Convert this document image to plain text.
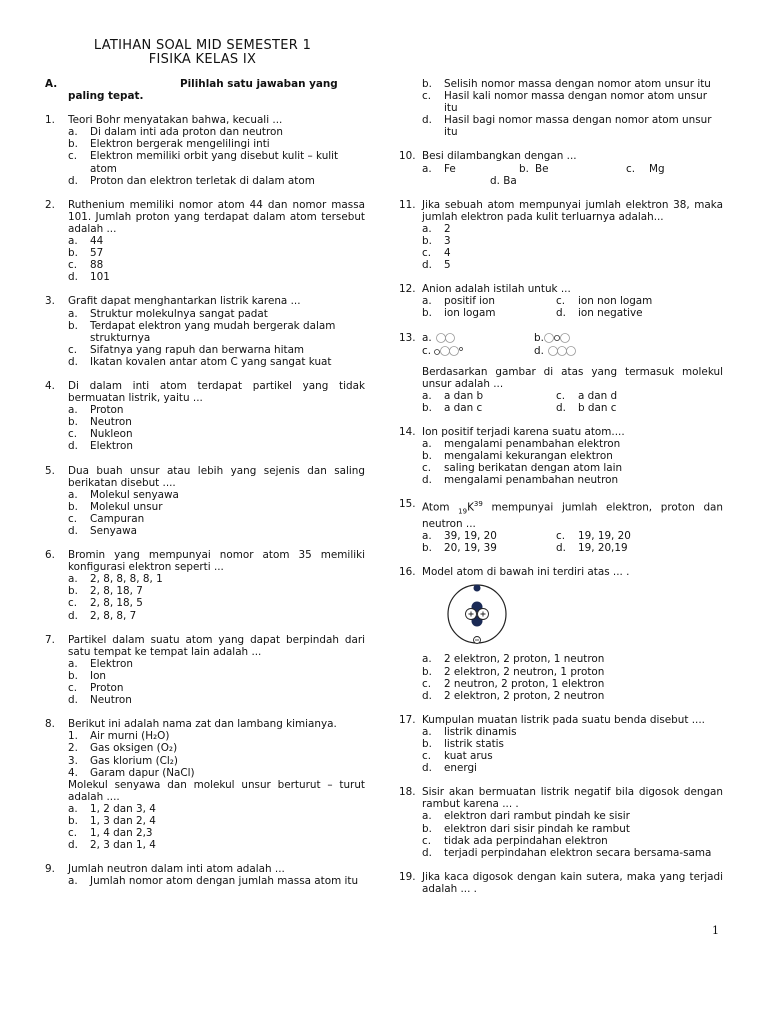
LATIHAN SOAL MID SEMESTER 1
FISIKA KELAS IX
A.	Pilihlah satu jawaban yang
paling tepat.
1. Teori Bohr menyatakan bahwa, kecuali ...
a. Di dalam inti ada proton dan neutron
b. Elektron bergerak mengelilingi inti
c. Elektron memiliki orbit yang disebut kulit – kulit atom
d. Proton dan elektron terletak di dalam atom
2. Ruthenium memiliki nomor atom 44 dan nomor massa 101. Jumlah proton yang terdapat dalam atom tersebut adalah ...
a. 44
b. 57
c. 88
d. 101
3. Grafit dapat menghantarkan listrik karena ...
a. Struktur molekulnya sangat padat
b. Terdapat elektron yang mudah bergerak dalam strukturnya
c. Sifatnya yang rapuh dan berwarna hitam
d. Ikatan kovalen antar atom C yang sangat kuat
4. Di dalam inti atom terdapat partikel yang tidak bermuatan listrik, yaitu ...
a. Proton
b. Neutron
c. Nukleon
d. Elektron
5. Dua buah unsur atau lebih yang sejenis dan saling berikatan disebut ....
a. Molekul senyawa
b. Molekul unsur
c. Campuran
d. Senyawa
6. Bromin yang mempunyai nomor atom 35 memiliki konfigurasi elektron seperti ...
a. 2, 8, 8, 8, 8, 1
b. 2, 8, 18, 7
c. 2, 8, 18, 5
d. 2, 8, 8, 7
7. Partikel dalam suatu atom yang dapat berpindah dari satu tempat ke tempat lain adalah ...
a. Elektron
b. Ion
c. Proton
d. Neutron
8. Berikut ini adalah nama zat dan lambang kimianya.
1. Air murni (H₂O)
2. Gas oksigen (O₂)
3. Gas klorium (Cl₂)
4. Garam dapur (NaCl)
Molekul senyawa dan molekul unsur berturut – turut adalah ....
a. 1, 2 dan 3, 4
b. 1, 3 dan 2, 4
c. 1, 4 dan 2,3
d. 2, 3 dan 1, 4
9. Jumlah neutron dalam inti atom adalah ...
a. Jumlah nomor atom dengan jumlah massa atom itu
b. Selisih nomor massa dengan nomor atom unsur itu
c. Hasil kali nomor massa dengan nomor atom unsur itu
d. Hasil bagi nomor massa dengan nomor atom unsur itu
10. Besi dilambangkan dengan ...
a. Fe	b. Be	c. Mg
d. Ba
11. Jika sebuah atom mempunyai jumlah elektron 38, maka jumlah elektron pada kulit terluarnya adalah...
a. 2
b. 3
c. 4
d. 5
12. Anion adalah istilah untuk ...
a. positif ion	c. ion non logam
b. ion logam	d. ion negative
13. a.	b.
c.	d.
Berdasarkan gambar di atas yang termasuk molekul unsur adalah ...
a. a dan b	c. a dan d
b. a dan c	d. b dan c
14. Ion positif terjadi karena suatu atom....
a. mengalami penambahan elektron
b. mengalami kekurangan elektron
c. saling berikatan dengan atom lain
d. mengalami penambahan neutron
15. Atom $_{19}K^{39}$ mempunyai jumlah elektron, proton dan neutron ...
a. 39, 19, 20	c. 19, 19, 20
b. 20, 19, 39	d. 19, 20,19
16. Model atom di bawah ini terdiri atas ... .
a. 2 elektron, 2 proton, 1 neutron
b. 2 elektron, 2 neutron, 1 proton
c. 2 neutron, 2 proton, 1 elektron
d. 2 elektron, 2 proton, 2 neutron
17. Kumpulan muatan listrik pada suatu benda disebut ....
a. listrik dinamis
b. listrik statis
c. kuat arus
d. energi
18. Sisir akan bermuatan listrik negatif bila digosok dengan rambut karena ... .
a. elektron dari rambut pindah ke sisir
b. elektron dari sisir pindah ke rambut
c. tidak ada perpindahan elektron
d. terjadi perpindahan elektron secara bersama-sama
19. Jika kaca digosok dengan kain sutera, maka yang terjadi adalah ... .
1
